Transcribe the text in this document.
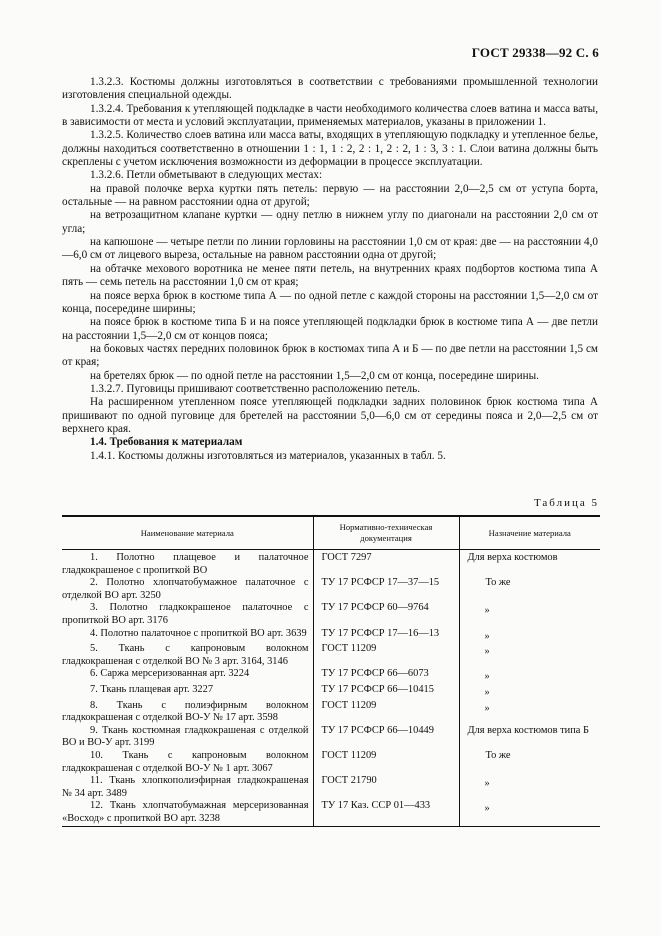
ГОСТ 29338—92 С. 6

1.3.2.3. Костюмы должны изготовляться в соответствии с требованиями промышленной технологии изготовления специальной одежды.

1.3.2.4. Требования к утепляющей подкладке в части необходимого количества слоев ватина и масса ваты, в зависимости от места и условий эксплуатации, применяемых материалов, указаны в приложении 1.

1.3.2.5. Количество слоев ватина или масса ваты, входящих в утепляющую подкладку и утепленное белье, должны находиться соответственно в отношении 1 : 1, 1 : 2, 2 : 1, 2 : 2, 1 : 3, 3 : 1. Слои ватина должны быть скреплены с учетом исключения возможности из деформации в процессе эксплуатации.

1.3.2.6. Петли обметывают в следующих местах:

на правой полочке верха куртки пять петель: первую — на расстоянии 2,0—2,5 см от уступа борта, остальные — на равном расстоянии одна от другой;

на ветрозащитном клапане куртки — одну петлю в нижнем углу по диагонали на расстоянии 2,0 см от угла;

на капюшоне — четыре петли по линии горловины на расстоянии 1,0 см от края: две — на расстоянии 4,0—6,0 см от лицевого выреза, остальные на равном расстоянии одна от другой;

на обтачке мехового воротника не менее пяти петель, на внутренних краях подбортов костюма типа А пять — семь петель на расстоянии 1,0 см от края;

на поясе верха брюк в костюме типа А — по одной петле с каждой стороны на расстоянии 1,5—2,0 см от конца, посередине ширины;

на поясе брюк в костюме типа Б и на поясе утепляющей подкладки брюк в костюме типа А — две петли на расстоянии 1,5—2,0 см от концов пояса;

на боковых частях передних половинок брюк в костюмах типа А и Б — по две петли на расстоянии 1,5 см от края;

на бретелях брюк — по одной петле на расстоянии 1,5—2,0 см от конца, посередине ширины.

1.3.2.7. Пуговицы пришивают соответственно расположению петель.

На расширенном утепленном поясе утепляющей подкладки задних половинок брюк костюма типа А пришивают по одной пуговице для бретелей на расстоянии 5,0—6,0 см от середины пояса и 2,0—2,5 см от верхнего края.

1.4. Требования к материалам

1.4.1. Костюмы должны изготовляться из материалов, указанных в табл. 5.

Таблица 5
Наименование материала	Нормативно-техническая документация	Назначение материала
1. Полотно плащевое и палаточное гладкокрашеное с пропиткой ВО	ГОСТ 7297	Для верха костюмов
2. Полотно хлопчатобумажное палаточное с отделкой ВО арт. 3250	ТУ 17 РСФСР 17—37—15	То же
3. Полотно гладкокрашеное палаточное с пропиткой ВО арт. 3176	ТУ 17 РСФСР 60—9764	»
4. Полотно палаточное с пропиткой ВО арт. 3639	ТУ 17 РСФСР 17—16—13	»
5. Ткань с капроновым волокном гладкокрашеная с отделкой ВО № 3 арт. 3164, 3146	ГОСТ 11209	»
6. Саржа мерсеризованная арт. 3224	ТУ 17 РСФСР 66—6073	»
7. Ткань плащевая арт. 3227	ТУ 17 РСФСР 66—10415	»
8. Ткань с полиэфирным волокном гладкокрашеная с отделкой ВО-У № 17 арт. 3598	ГОСТ 11209	»
9. Ткань костюмная гладкокрашеная с отделкой ВО и ВО-У арт. 3199	ТУ 17 РСФСР 66—10449	Для верха костюмов типа Б
10. Ткань с капроновым волокном гладкокрашеная с отделкой ВО-У № 1 арт. 3067	ГОСТ 11209	То же
11. Ткань хлопкополиэфирная гладкокрашеная № 34 арт. 3489	ГОСТ 21790	»
12. Ткань хлопчатобумажная мерсеризованная «Восход» с пропиткой ВО арт. 3238	ТУ 17 Каз. ССР 01—433	»
